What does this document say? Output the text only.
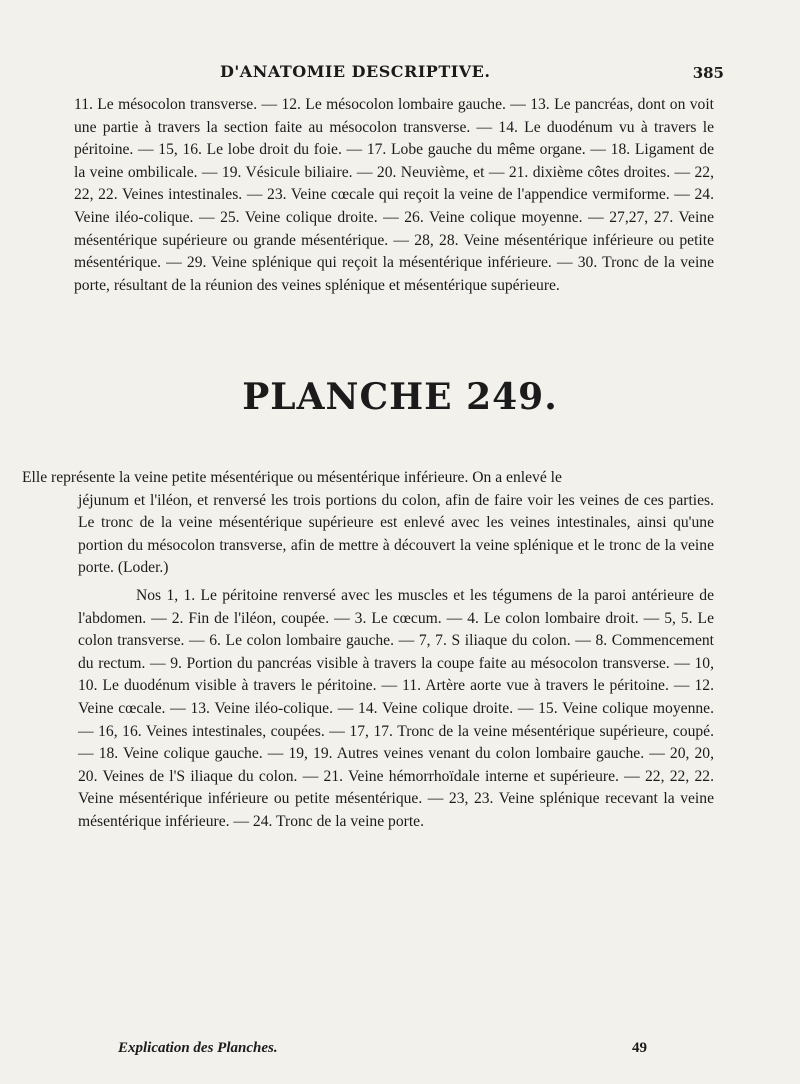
D'ANATOMIE DESCRIPTIVE.	385
11. Le mésocolon transverse. — 12. Le mésocolon lombaire gauche. — 13. Le pancréas, dont on voit une partie à travers la section faite au mésocolon transverse. — 14. Le duodénum vu à travers le péritoine. — 15, 16. Le lobe droit du foie. — 17. Lobe gauche du même organe. — 18. Ligament de la veine ombilicale. — 19. Vésicule biliaire. — 20. Neuvième, et — 21. dixième côtes droites. — 22, 22, 22. Veines intestinales. — 23. Veine cœcale qui reçoit la veine de l'appendice vermiforme. — 24. Veine iléo-colique. — 25. Veine colique droite. — 26. Veine colique moyenne. — 27,27, 27. Veine mésentérique supérieure ou grande mésentérique. — 28, 28. Veine mésentérique inférieure ou petite mésentérique. — 29. Veine splénique qui reçoit la mésentérique inférieure. — 30. Tronc de la veine porte, résultant de la réunion des veines splénique et mésentérique supérieure.
PLANCHE 249.
Elle représente la veine petite mésentérique ou mésentérique inférieure. On a enlevé le
jéjunum et l'iléon, et renversé les trois portions du colon, afin de faire voir les veines de ces parties. Le tronc de la veine mésentérique supérieure est enlevé avec les veines intestinales, ainsi qu'une portion du mésocolon transverse, afin de mettre à découvert la veine splénique et le tronc de la veine porte. (Loder.)
Nos 1, 1. Le péritoine renversé avec les muscles et les tégumens de la paroi antérieure de l'abdomen. — 2. Fin de l'iléon, coupée. — 3. Le cœcum. — 4. Le colon lombaire droit. — 5, 5. Le colon transverse. — 6. Le colon lombaire gauche. — 7, 7. S iliaque du colon. — 8. Commencement du rectum. — 9. Portion du pancréas visible à travers la coupe faite au mésocolon transverse. — 10, 10. Le duodénum visible à travers le péritoine. — 11. Artère aorte vue à travers le péritoine. — 12. Veine cœcale. — 13. Veine iléo-colique. — 14. Veine colique droite. — 15. Veine colique moyenne. — 16, 16. Veines intestinales, coupées. — 17, 17. Tronc de la veine mésentérique supérieure, coupé. — 18. Veine colique gauche. — 19, 19. Autres veines venant du colon lombaire gauche. — 20, 20, 20. Veines de l'S iliaque du colon. — 21. Veine hémorrhoïdale interne et supérieure. — 22, 22, 22. Veine mésentérique inférieure ou petite mésentérique. — 23, 23. Veine splénique recevant la veine mésentérique inférieure. — 24. Tronc de la veine porte.
Explication des Planches.	49
